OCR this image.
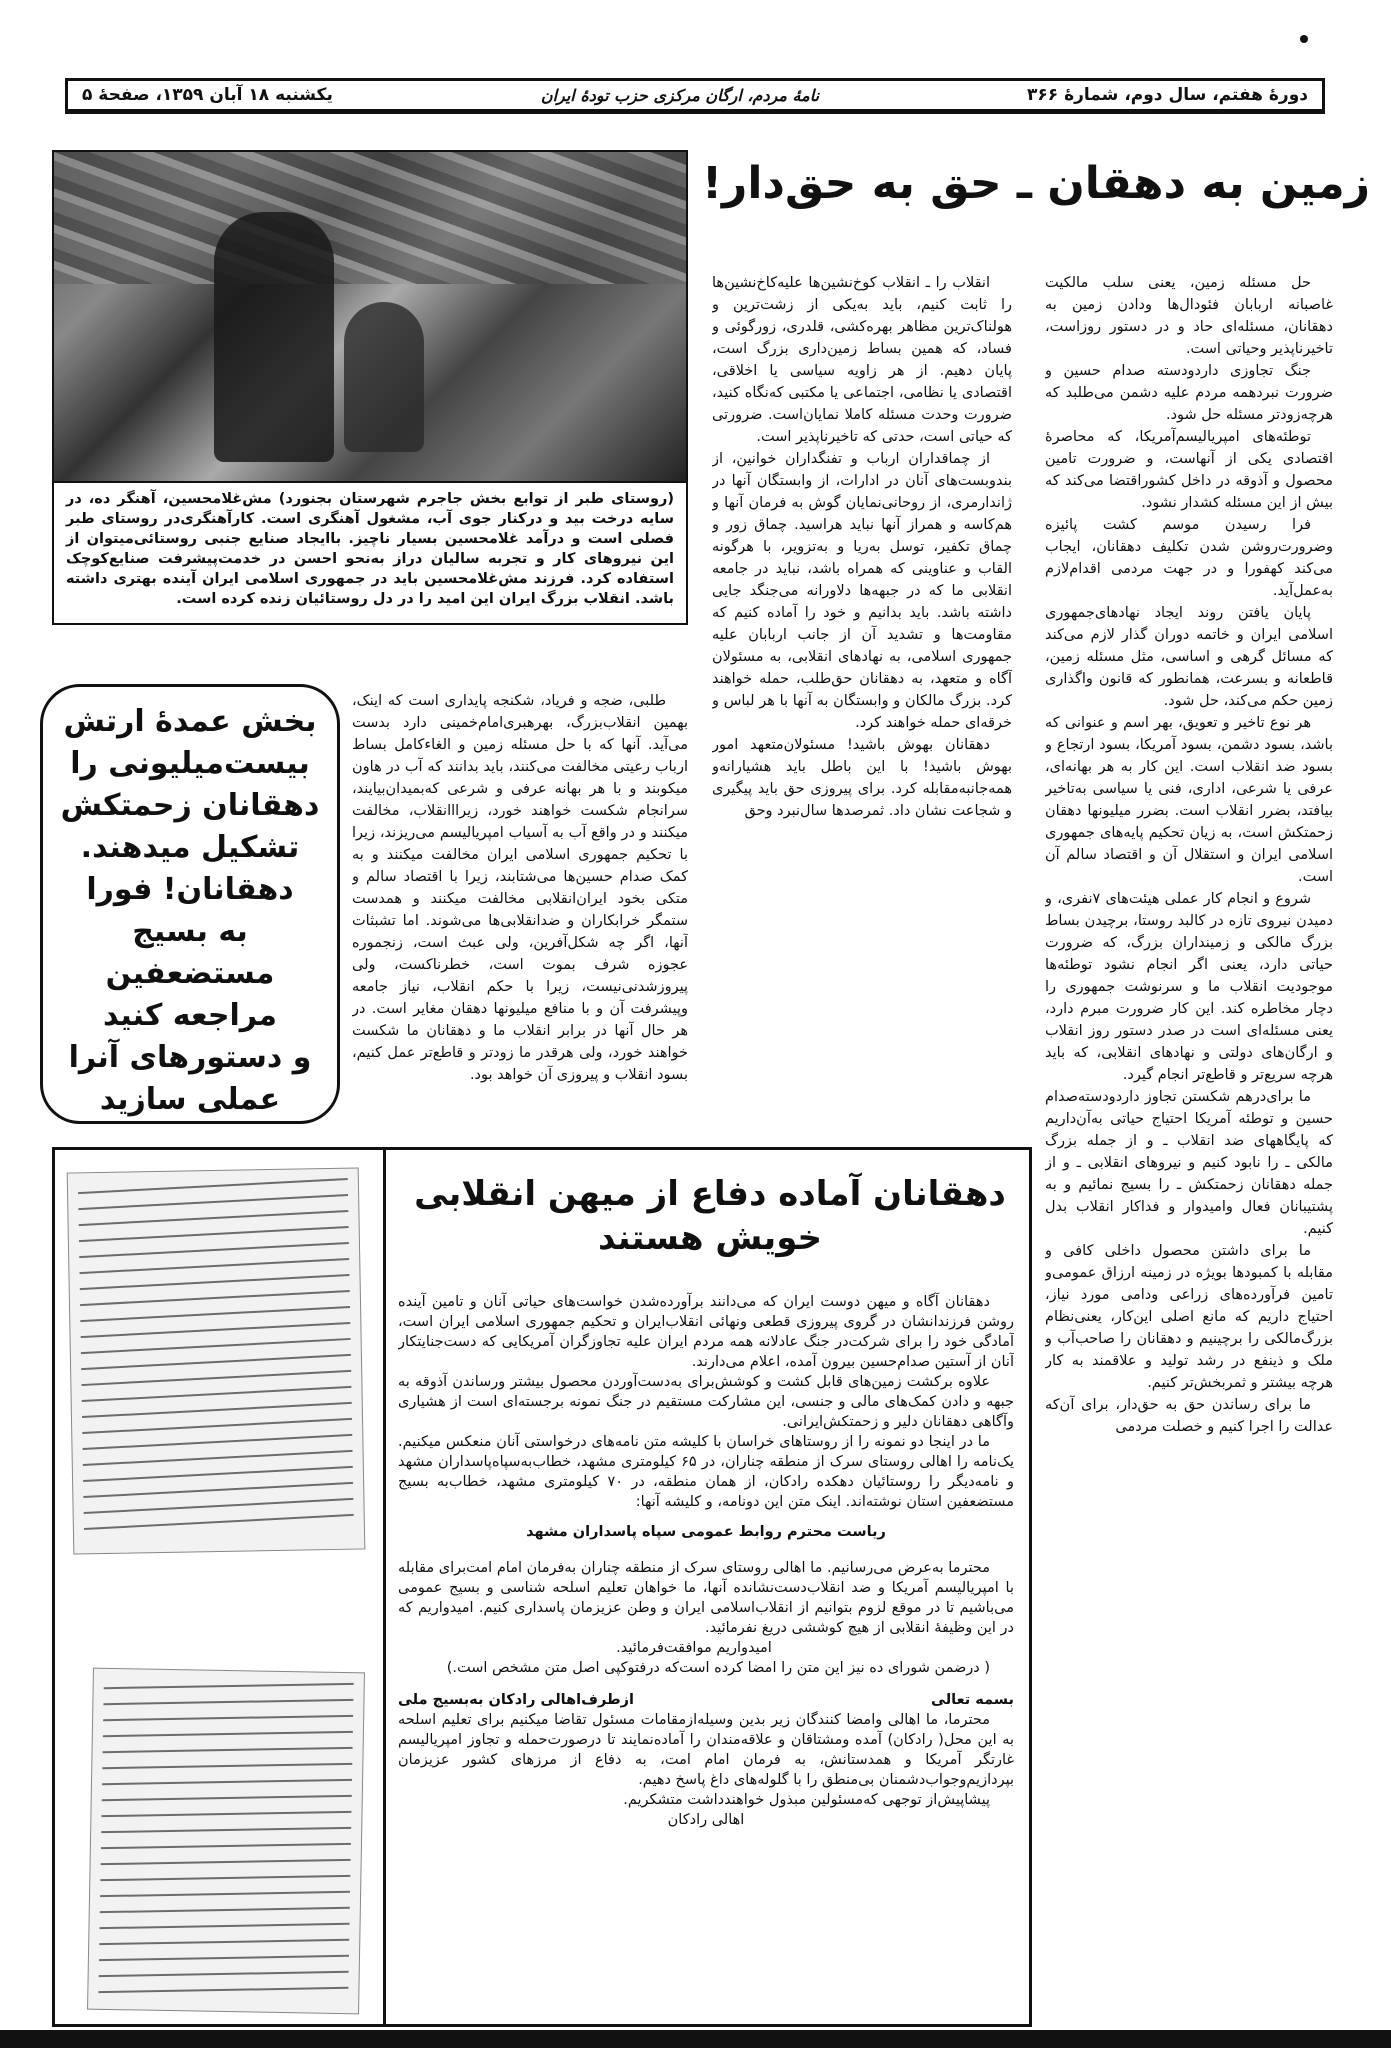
دورهٔ هفتم، سال دوم، شمارهٔ ۳۶۶
نامهٔ مردم، ارگان مرکزی حزب تودهٔ ایران
یکشنبه ۱۸ آبان ۱۳۵۹، صفحهٔ ۵
زمین به دهقان ـ حق به حق‌دار!
(روستای طبر از توابع بخش جاجرم شهرستان بجنورد) مش‌غلامحسین، آهنگر ده، در سایه درخت بید و درکنار جوی آب، مشغول آهنگری است. کارآهنگری‌در روستای طبر فصلی است و درآمد غلامحسین بسیار ناچیز. باایجاد صنایع جنبی روستائی‌میتوان از این نیروهای کار و تجربه سالیان دراز به‌نحو احسن در خدمت‌پیشرفت صنایع‌کوچک استفاده کرد. فرزند مش‌غلامحسین باید در جمهوری اسلامی ایران آینده بهتری داشته باشد. انقلاب بزرگ ایران این امید را در دل روستائیان زنده کرده است.

حل مسئله زمین، یعنی سلب مالکیت غاصبانه اربابان فئودال‌ها ودادن زمین به دهقانان، مسئله‌ای حاد و در دستور روزاست، تاخیرناپذیر وحیاتی است.

جنگ تجاوزی داردودسته صدام حسین و ضرورت نبردهمه مردم علیه دشمن می‌طلبد که هرچه‌زودتر مسئله حل شود.

توطئه‌های امپریالیسم‌آمریکا، که محاصرهٔ اقتصادی یکی از آنهاست، و ضرورت تامین محصول و آذوقه در داخل کشوراقتضا می‌کند که بیش از این مسئله کشدار نشود.

فرا رسیدن موسم کشت پائیزه وضرورت‌روشن شدن تکلیف دهقانان، ایجاب می‌کند کهفورا و در جهت مردمی اقدام‌لازم به‌عمل‌آید.

پایان یافتن روند ایجاد نهادهای‌جمهوری اسلامی ایران و خاتمه دوران گذار لازم می‌کند که مسائل گرهی و اساسی، مثل مسئله زمین، قاطعانه و بسرعت، همانطور که قانون واگذاری زمین حکم می‌کند، حل شود.

هر نوع تاخیر و تعویق، بهر اسم و عنوانی که باشد، بسود دشمن، بسود آمریکا، بسود ارتجاع و بسود ضد انقلاب است. این کار به هر بهانه‌ای، عرفی یا شرعی، اداری، فنی یا سیاسی به‌تاخیر بیافتد، بضرر انقلاب است. بضرر میلیونها دهقان زحمتکش است، به زیان تحکیم پایه‌های جمهوری اسلامی ایران و استقلال آن و اقتصاد سالم آن است.

شروع و انجام کار عملی هیئت‌های ۷نفری، و دمیدن نیروی تازه در کالبد روستا، برچیدن بساط بزرگ مالکی و زمینداران بزرگ، که ضرورت حیاتی دارد، یعنی اگر انجام نشود توطئه‌ها موجودیت انقلاب ما و سرنوشت جمهوری را دچار مخاطره کند. این کار ضرورت مبرم دارد، یعنی مسئله‌ای است در صدر دستور روز انقلاب و ارگان‌های دولتی و نهادهای انقلابی، که باید هرچه سریع‌تر و قاطع‌تر انجام گیرد.

ما برای‌درهم شکستن تجاوز داردودسته‌صدام حسین و توطئه آمریکا احتیاج حیاتی به‌آن‌داریم که پایگاههای ضد انقلاب ـ و از جمله بزرگ مالکی ـ را نابود کنیم و نیروهای انقلابی ـ و از جمله دهقانان زحمتکش ـ را بسیج نمائیم و به پشتیبانان فعال وامیدوار و فداکار انقلاب بدل کنیم.

ما برای داشتن محصول داخلی کافی و مقابله با کمبودها بویژه در زمینه ارزاق عمومی‌و تامین فرآورده‌های زراعی ودامی مورد نیاز، احتیاج داریم که مانع اصلی این‌کار، یعنی‌نظام بزرگ‌مالکی را برچینیم و دهقانان را صاحب‌آب و ملک و ذینفع در رشد تولید و علاقمند به کار هرچه بیشتر و ثمربخش‌تر کنیم.

ما برای رساندن حق به حق‌دار، برای آن‌که عدالت را اجرا کنیم و خصلت مردمی

انقلاب را ـ انقلاب کوخ‌نشین‌ها علیه‌کاخ‌نشین‌ها را ثابت کنیم، باید به‌یکی از زشت‌ترین و هولناک‌ترین مظاهر بهره‌کشی، قلدری، زورگوئی و فساد، که همین بساط زمین‌داری بزرگ است، پایان دهیم. از هر زاویه سیاسی یا اخلاقی، اقتصادی یا نظامی، اجتماعی یا مکتبی که‌نگاه کنید، ضرورت وحدت مسئله کاملا نمایان‌است. ضرورتی که حیاتی است، حدتی که تاخیرناپذیر است.

از چماقداران ارباب و تفنگداران خوانین، از بندوبست‌های آنان در ادارات، از وابستگان آنها در ژاندارمری، از روحانی‌نمایان گوش به فرمان آنها و هم‌کاسه و همراز آنها نباید هراسید. چماق زور و چماق تکفیر، توسل به‌ریا و به‌تزویر، با هرگونه القاب و عناوینی که همراه باشد، نباید در جامعه انقلابی ما که در جبهه‌ها دلاورانه می‌جنگد جایی داشته باشد. باید بدانیم و خود را آماده کنیم که مقاومت‌ها و تشدید آن از جانب اربابان علیه جمهوری اسلامی، به نهادهای انقلابی، به مسئولان آگاه و متعهد، به دهقانان حق‌طلب، حمله خواهند کرد. بزرگ مالکان و وابستگان به آنها با هر لباس و خرقه‌ای حمله خواهند کرد.

دهقانان بهوش باشید! مسئولان‌متعهد امور بهوش باشید! با این باطل باید هشیارانه‌و همه‌جانبه‌مقابله کرد. برای پیروزی حق باید پیگیری و شجاعت نشان داد. ثمرصدها سال‌نبرد وحق

طلبی، ضجه و فریاد، شکنجه پایداری است که اینک، بهمین انقلاب‌بزرگ، بهرهبری‌امام‌خمینی دارد بدست می‌آید. آنها که با حل مسئله زمین و الغاءکامل بساط ارباب رعیتی مخالفت می‌کنند، باید بدانند که آب در هاون میکوبند و با هر بهانه عرفی و شرعی که‌بمیدان‌بیایند، سرانجام شکست خواهند خورد، زیرااانقلاب، مخالفت میکنند و در واقع آب به آسیاب امپریالیسم می‌ریزند، زیرا با تحکیم جمهوری اسلامی ایران مخالفت میکنند و به کمک صدام حسین‌ها می‌شتابند، زیرا با اقتصاد سالم و متکی بخود ایران‌انقلابی مخالفت میکنند و همدست ستمگر خرابکاران و ضدانقلابی‌ها می‌شوند. اما تشبثات آنها، اگر چه شکل‌آفرین، ولی عبث است، زنجموره عجوزه‌ شرف بموت است، خطرناکست، ولی پیروزشدنی‌نیست، زیرا با حکم انقلاب، نیاز جامعه وپیشرفت آن و با منافع میلیونها دهقان مغایر است. در هر حال آنها در برابر انقلاب ما و دهقانان ما شکست خواهند خورد، ولی هرقدر ما زودتر و قاطع‌تر عمل کنیم، بسود انقلاب و پیروزی آن خواهد بود.

بخش عمدهٔ ارتش
بیست‌میلیونی را
دهقانان زحمتکش
تشکیل میدهند.
دهقانان! فورا
به بسیج مستضعفین
مراجعه کنید
و دستورهای آنرا
عملی سازید
دهقانان آماده دفاع از میهن انقلابی خویش هستند

دهقانان آگاه و میهن دوست ایران که می‌دانند برآورده‌شدن خواست‌های حیاتی آنان و تامین آینده روشن فرزندانشان در گروی پیروزی قطعی ونهائی انقلاب‌ایران و تحکیم جمهوری اسلامی ایران است، آمادگی خود را برای شرکت‌در جنگ عادلانه همه مردم ایران علیه تجاوزگران آمریکایی که دست‌جنایتکار آنان از آستین صدام‌حسین بیرون آمده، اعلام می‌دارند.

علاوه برکشت زمین‌های قابل کشت و کوشش‌برای به‌دست‌آوردن محصول بیشتر ورساندن آذوقه به جبهه و دادن کمک‌های مالی و جنسی، این مشارکت مستقیم در جنگ نمونه برجسته‌ای است از هشیاری وآگاهی دهقانان دلیر و زحمتکش‌ایرانی.

ما در اینجا دو نمونه را از روستاهای خراسان با کلیشه متن نامه‌های درخواستی آنان منعکس میکنیم. یک‌نامه را اهالی روستای سرک از منطقه چناران، در ۶۵ کیلومتری مشهد، خطاب‌به‌سپاه‌پاسداران مشهد و نامه‌دیگر را روستائیان دهکده رادکان، از همان منطقه، در ۷۰ کیلومتری مشهد، خطاب‌به بسیج مستضعفین استان نوشته‌اند. اینک متن این دونامه، و کلیشه آنها:

ریاست محترم روابط عمومی سپاه پاسداران مشهد

محترما به‌عرض می‌رسانیم. ما اهالی روستای سرک از منطقه چناران به‌فرمان امام امت‌برای مقابله با امپریالیسم آمریکا و ضد انقلاب‌دست‌نشانده آنها، ما خواهان تعلیم اسلحه شناسی و بسیج عمومی می‌باشیم تا در موقع لزوم بتوانیم از انقلاب‌اسلامی ایران و وطن عزیزمان پاسداری کنیم. امیدواریم که در این وظیفهٔ انقلابی از هیچ کوششی دریغ نفرمائید.

امیدواریم موافقت‌فرمائید.

( درضمن شورای ده نیز این متن را امضا کرده است‌که درفتوکپی اصل متن مشخص است.)

بسمه تعالی
ازطرف‌اهالی رادکان به‌بسیج ملی

محترما، ما اهالی وامضا کنندگان زیر بدین وسیله‌ازمقامات مسئول تقاضا میکنیم برای تعلیم اسلحه به این محل( رادکان) آمده ومشتاقان و علاقه‌مندان را آماده‌نمایند تا درصورت‌حمله و تجاوز امپریالیسم غارتگر آمریکا و همدستانش، به فرمان امام امت، به دفاع از مرزهای کشور عزیزمان بپردازیم‌وجواب‌دشمنان بی‌منطق را با گلوله‌های داغ پاسخ دهیم.

پیشاپیش‌از توجهی که‌مسئولین مبذول خواهندداشت متشکریم.

اهالی رادکان
